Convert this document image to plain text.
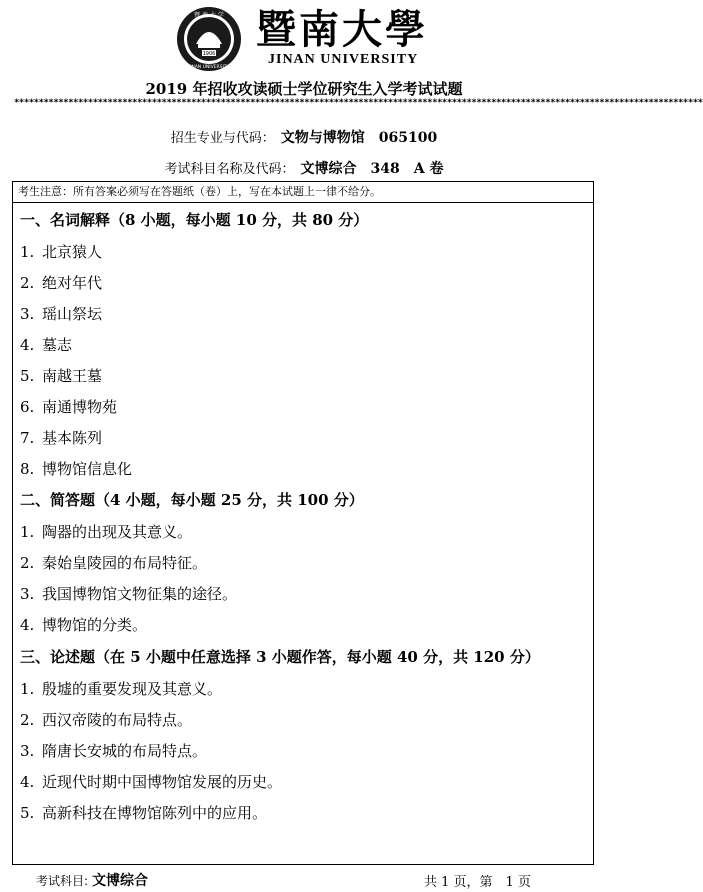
1906
暨 南 大 学
JINAN UNIVERSITY
暨南大學
JINAN UNIVERSITY
2019 年招收攻读硕士学位研究生入学考试试题
********************************************************************************************************************************************
招生专业与代码： 文物与博物馆　065100
考试科目名称及代码： 文博综合　348　A 卷
考生注意：所有答案必须写在答题纸（卷）上，写在本试题上一律不给分。
一、名词解释（8 小题，每小题 10 分，共 80 分）
1. 北京猿人
2. 绝对年代
3. 瑶山祭坛
4. 墓志
5. 南越王墓
6. 南通博物苑
7. 基本陈列
8. 博物馆信息化
二、简答题（4 小题，每小题 25 分，共 100 分）
1. 陶器的出现及其意义。
2. 秦始皇陵园的布局特征。
3. 我国博物馆文物征集的途径。
4. 博物馆的分类。
三、论述题（在 5 小题中任意选择 3 小题作答，每小题 40 分，共 120 分）
1. 殷墟的重要发现及其意义。
2. 西汉帝陵的布局特点。
3. 隋唐长安城的布局特点。
4. 近现代时期中国博物馆发展的历史。
5. 高新科技在博物馆陈列中的应用。
考试科目: 文博综合	共 1 页，第　1 页
